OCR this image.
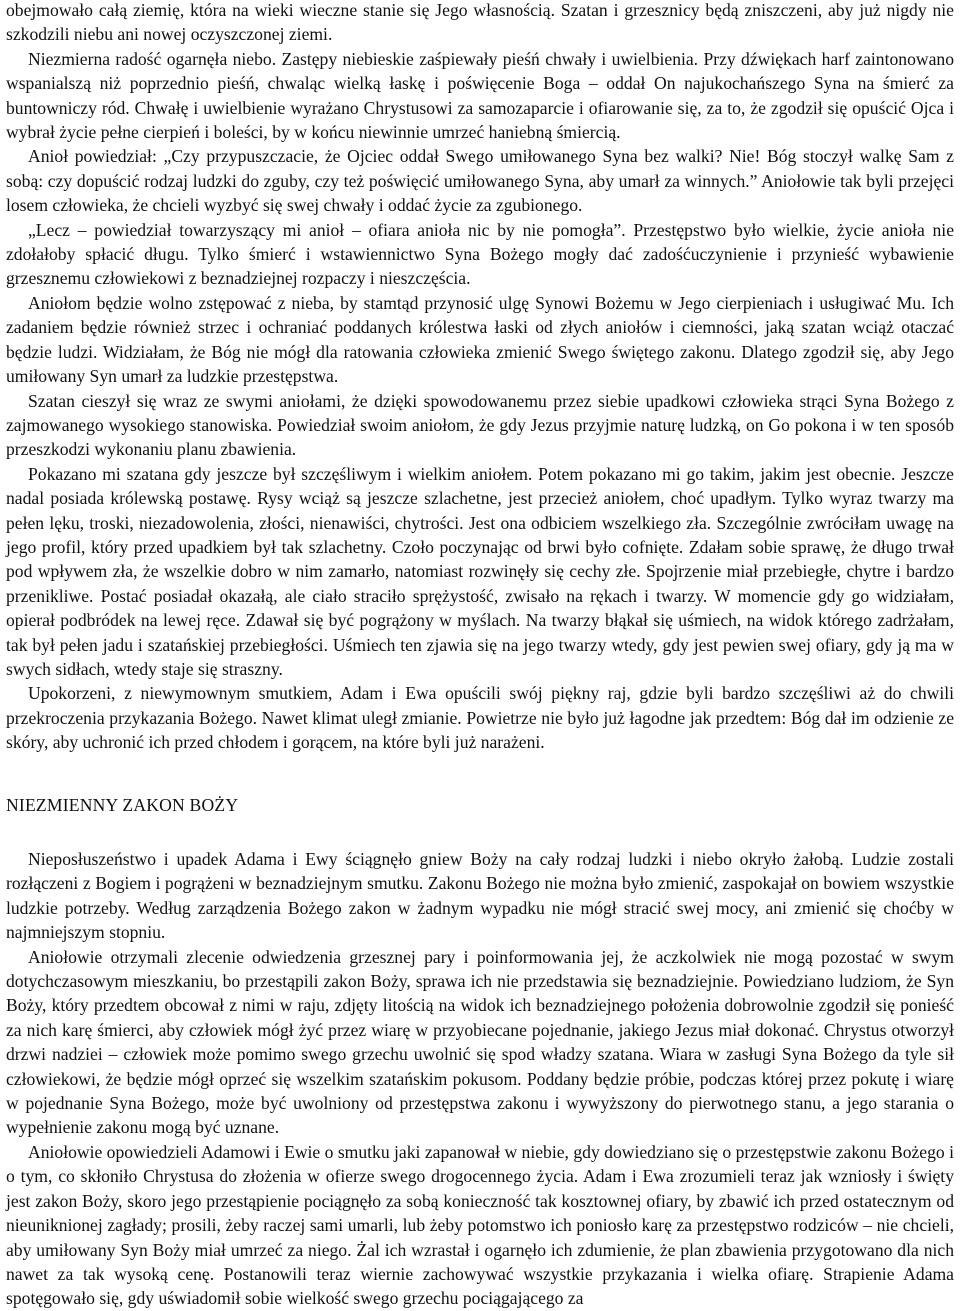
obejmowało całą ziemię, która na wieki wieczne stanie się Jego własnością. Szatan i grzesznicy będą zniszczeni, aby już nigdy nie szkodzili niebu ani nowej oczyszczonej ziemi.

Niezmierna radość ogarnęła niebo. Zastępy niebieskie zaśpiewały pieśń chwały i uwielbienia. Przy dźwiękach harf zaintonowano wspanialszą niż poprzednio pieśń, chwaląc wielką łaskę i poświęcenie Boga – oddał On najukochańszego Syna na śmierć za buntowniczy ród. Chwałę i uwielbienie wyrażano Chrystusowi za samozaparcie i ofiarowanie się, za to, że zgodził się opuścić Ojca i wybrał życie pełne cierpień i boleści, by w końcu niewinnie umrzeć haniebną śmiercią.

Anioł powiedział: „Czy przypuszczacie, że Ojciec oddał Swego umiłowanego Syna bez walki? Nie! Bóg stoczył walkę Sam z sobą: czy dopuścić rodzaj ludzki do zguby, czy też poświęcić umiłowanego Syna, aby umarł za winnych.” Aniołowie tak byli przejęci losem człowieka, że chcieli wyzbyć się swej chwały i oddać życie za zgubionego.

„Lecz – powiedział towarzyszący mi anioł – ofiara anioła nic by nie pomogła”. Przestępstwo było wielkie, życie anioła nie zdołałoby spłacić długu. Tylko śmierć i wstawiennictwo Syna Bożego mogły dać zadośćuczynienie i przynieść wybawienie grzesznemu człowiekowi z beznadziejnej rozpaczy i nieszczęścia.

Aniołom będzie wolno zstępować z nieba, by stamtąd przynosić ulgę Synowi Bożemu w Jego cierpieniach i usługiwać Mu. Ich zadaniem będzie również strzec i ochraniać poddanych królestwa łaski od złych aniołów i ciemności, jaką szatan wciąż otaczać będzie ludzi. Widziałam, że Bóg nie mógł dla ratowania człowieka zmienić Swego świętego zakonu. Dlatego zgodził się, aby Jego umiłowany Syn umarł za ludzkie przestępstwa.

Szatan cieszył się wraz ze swymi aniołami, że dzięki spowodowanemu przez siebie upadkowi człowieka strąci Syna Bożego z zajmowanego wysokiego stanowiska. Powiedział swoim aniołom, że gdy Jezus przyjmie naturę ludzką, on Go pokona i w ten sposób przeszkodzi wykonaniu planu zbawienia.

Pokazano mi szatana gdy jeszcze był szczęśliwym i wielkim aniołem. Potem pokazano mi go takim, jakim jest obecnie. Jeszcze nadal posiada królewską postawę. Rysy wciąż są jeszcze szlachetne, jest przecież aniołem, choć upadłym. Tylko wyraz twarzy ma pełen lęku, troski, niezadowolenia, złości, nienawiści, chytrości. Jest ona odbiciem wszelkiego zła. Szczególnie zwróciłam uwagę na jego profil, który przed upadkiem był tak szlachetny. Czoło poczynając od brwi było cofnięte. Zdałam sobie sprawę, że długo trwał pod wpływem zła, że wszelkie dobro w nim zamarło, natomiast rozwinęły się cechy złe. Spojrzenie miał przebiegłe, chytre i bardzo przenikliwe. Postać posiadał okazałą, ale ciało straciło sprężystość, zwisało na rękach i twarzy. W momencie gdy go widziałam, opierał podbródek na lewej ręce. Zdawał się być pogrążony w myślach. Na twarzy błąkał się uśmiech, na widok którego zadrżałam, tak był pełen jadu i szatańskiej przebiegłości. Uśmiech ten zjawia się na jego twarzy wtedy, gdy jest pewien swej ofiary, gdy ją ma w swych sidłach, wtedy staje się straszny.

Upokorzeni, z niewymownym smutkiem, Adam i Ewa opuścili swój piękny raj, gdzie byli bardzo szczęśliwi aż do chwili przekroczenia przykazania Bożego. Nawet klimat uległ zmianie. Powietrze nie było już łagodne jak przedtem: Bóg dał im odzienie ze skóry, aby uchronić ich przed chłodem i gorącem, na które byli już narażeni.

NIEZMIENNY ZAKON BOŻY

Nieposłuszeństwo i upadek Adama i Ewy ściągnęło gniew Boży na cały rodzaj ludzki i niebo okryło żałobą. Ludzie zostali rozłączeni z Bogiem i pogrążeni w beznadziejnym smutku. Zakonu Bożego nie można było zmienić, zaspokajał on bowiem wszystkie ludzkie potrzeby. Według zarządzenia Bożego zakon w żadnym wypadku nie mógł stracić swej mocy, ani zmienić się choćby w najmniejszym stopniu.

Aniołowie otrzymali zlecenie odwiedzenia grzesznej pary i poinformowania jej, że aczkolwiek nie mogą pozostać w swym dotychczasowym mieszkaniu, bo przestąpili zakon Boży, sprawa ich nie przedstawia się beznadziejnie. Powiedziano ludziom, że Syn Boży, który przedtem obcował z nimi w raju, zdjęty litością na widok ich beznadziejnego położenia dobrowolnie zgodził się ponieść za nich karę śmierci, aby człowiek mógł żyć przez wiarę w przyobiecane pojednanie, jakiego Jezus miał dokonać. Chrystus otworzył drzwi nadziei – człowiek może pomimo swego grzechu uwolnić się spod władzy szatana. Wiara w zasługi Syna Bożego da tyle sił człowiekowi, że będzie mógł oprzeć się wszelkim szatańskim pokusom. Poddany będzie próbie, podczas której przez pokutę i wiarę w pojednanie Syna Bożego, może być uwolniony od przestępstwa zakonu i wywyższony do pierwotnego stanu, a jego starania o wypełnienie zakonu mogą być uznane.

Aniołowie opowiedzieli Adamowi i Ewie o smutku jaki zapanował w niebie, gdy dowiedziano się o przestępstwie zakonu Bożego i o tym, co skłoniło Chrystusa do złożenia w ofierze swego drogocennego życia. Adam i Ewa zrozumieli teraz jak wzniosły i święty jest zakon Boży, skoro jego przestąpienie pociągnęło za sobą konieczność tak kosztownej ofiary, by zbawić ich przed ostatecznym od nieuniknionej zagłady; prosili, żeby raczej sami umarli, lub żeby potomstwo ich poniosło karę za przestępstwo rodziców – nie chcieli, aby umiłowany Syn Boży miał umrzeć za niego. Żal ich wzrastał i ogarnęło ich zdumienie, że plan zbawienia przygotowano dla nich nawet za tak wysoką cenę. Postanowili teraz wiernie zachowywać wszystkie przykazania i wielka ofiarę. Strapienie Adama spotęgowało się, gdy uświadomił sobie wielkość swego grzechu pociągającego za
